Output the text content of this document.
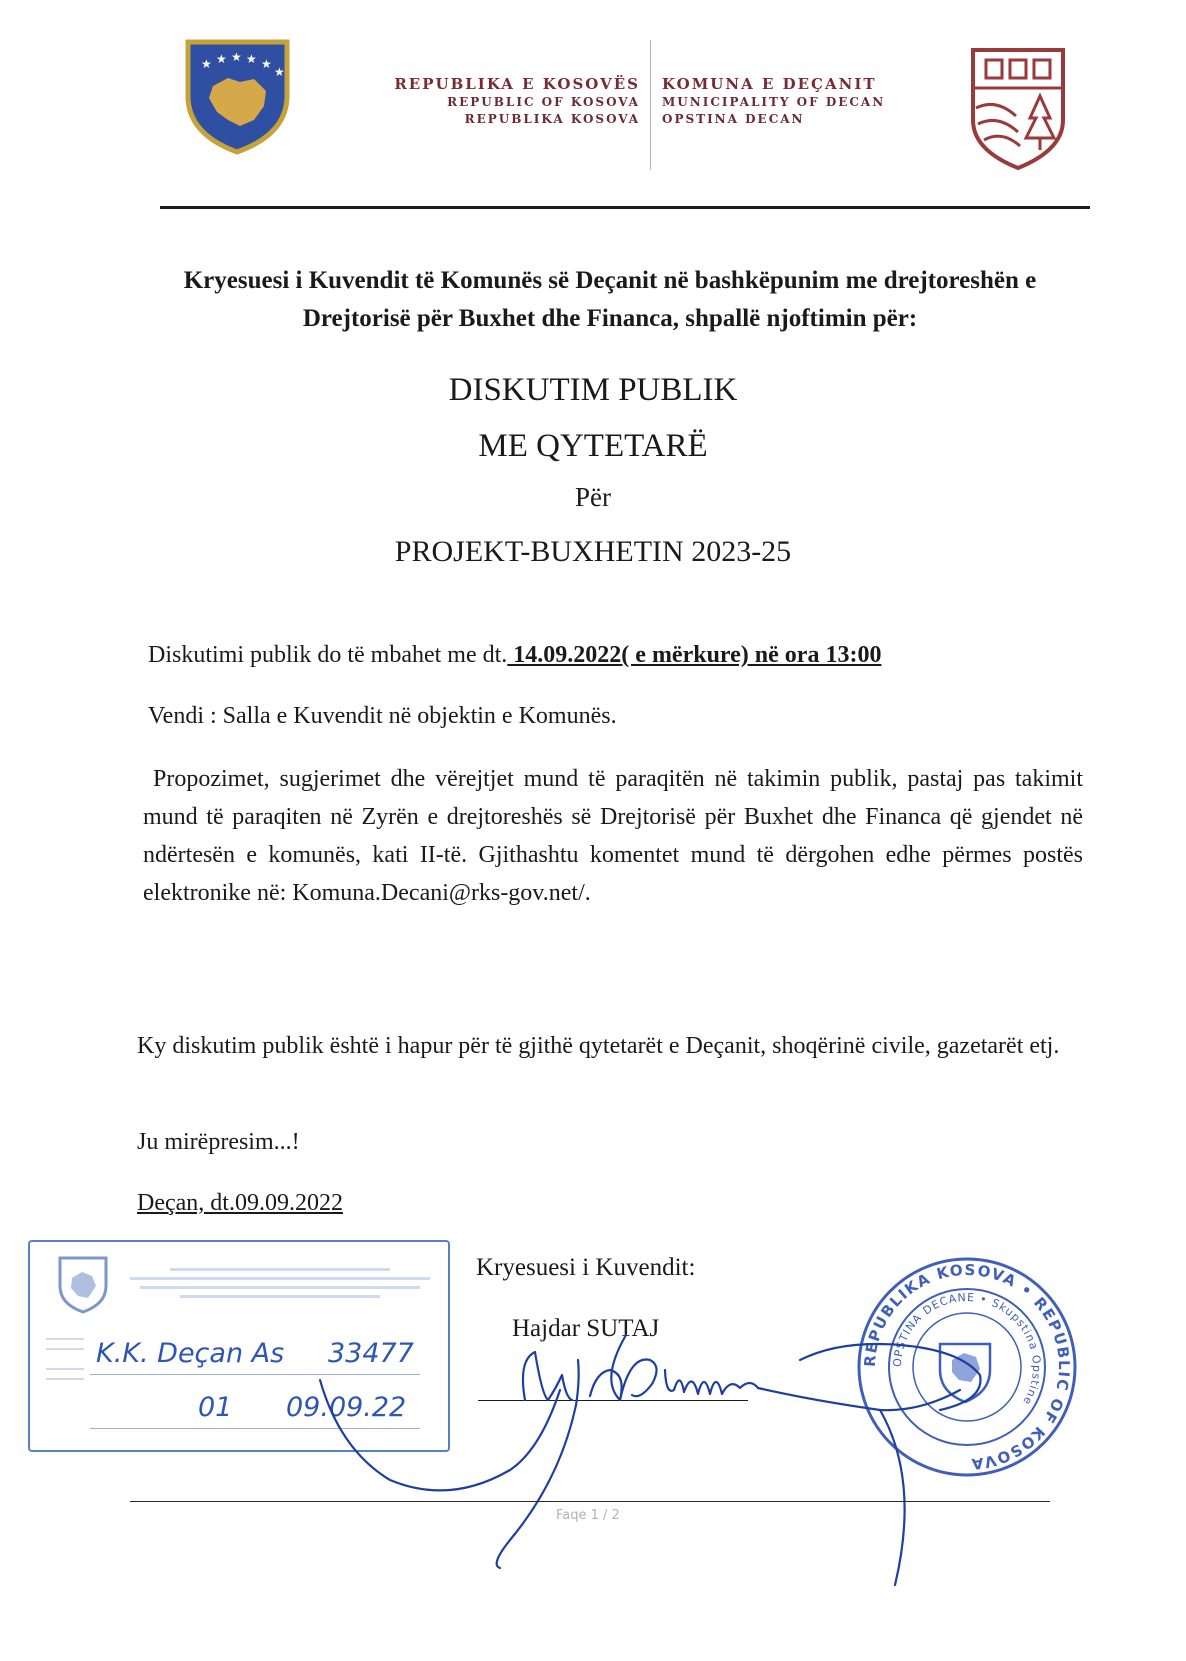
★ ★ ★ ★ ★
★
REPUBLIKA E KOSOVËS
REPUBLIC OF KOSOVA
REPUBLIKA KOSOVA
KOMUNA E DEÇANIT
MUNICIPALITY OF DECAN
OPSTINA DECAN
Kryesuesi i Kuvendit të Komunës së Deçanit në bashkëpunim me drejtoreshën e Drejtorisë për Buxhet dhe Financa, shpallë njoftimin për:
DISKUTIM PUBLIK
ME QYTETARË
Për
PROJEKT-BUXHETIN 2023-25
Diskutimi publik do të mbahet me dt. 14.09.2022( e mërkure) në ora 13:00
Vendi : Salla e Kuvendit në objektin e Komunës.
Propozimet, sugjerimet dhe vërejtjet mund të paraqitën në takimin publik, pastaj pas takimit mund të paraqiten në Zyrën e drejtoreshës së Drejtorisë për Buxhet dhe Financa që gjendet në ndërtesën e komunës, kati II-të. Gjithashtu komentet mund të dërgohen edhe përmes postës elektronike në: Komuna.Decani@rks-gov.net/.
Ky diskutim publik është i hapur për të gjithë qytetarët e Deçanit, shoqërinë civile, gazetarët etj.
Ju mirëpresim...!
Deçan, dt.09.09.2022
K.K. Deçan As 33477
01 09.09.22
Kryesuesi i Kuvendit:
Hajdar SUTAJ
REPUBLIKA KOSOVA • REPUBLIC OF KOSOVA
OPSTINA DECANE • Skupstina Opstine
Faqe 1 / 2
